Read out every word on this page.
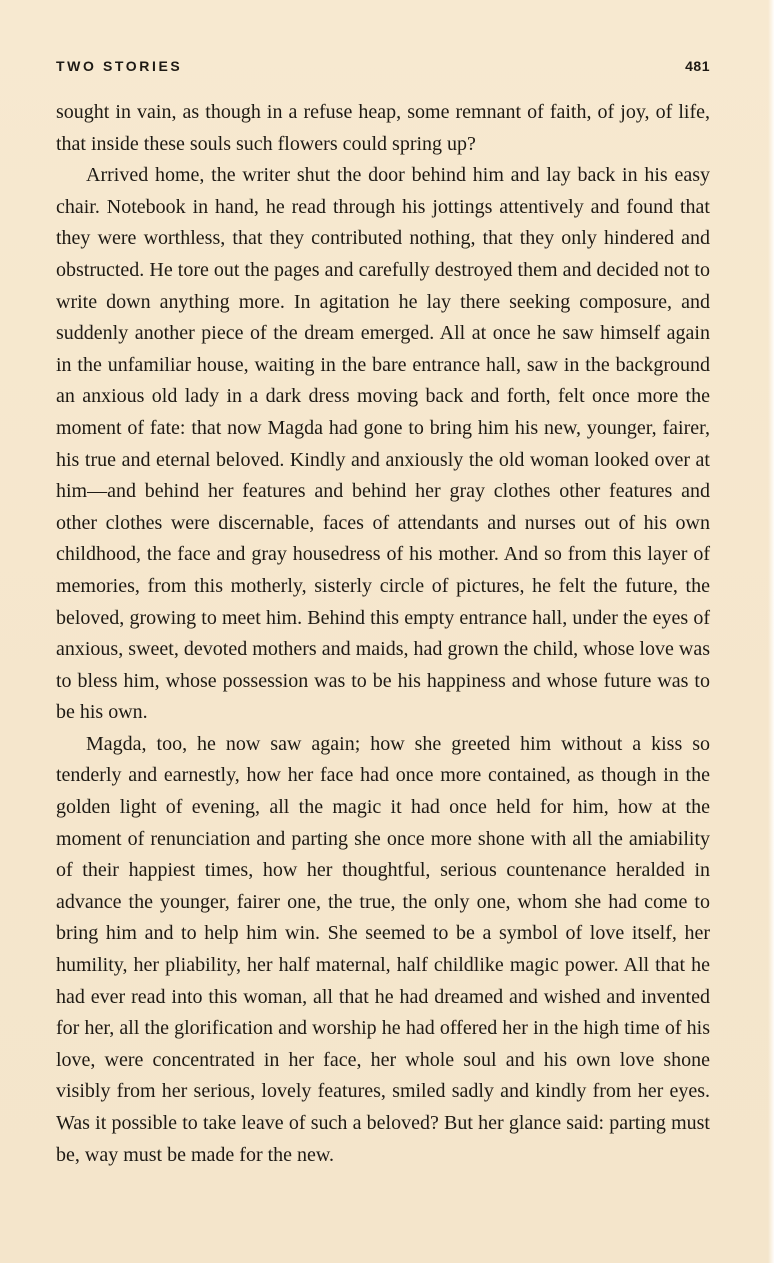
TWO STORIES	481

sought in vain, as though in a refuse heap, some remnant of faith, of joy, of life, that inside these souls such flowers could spring up?

Arrived home, the writer shut the door behind him and lay back in his easy chair. Notebook in hand, he read through his jottings attentively and found that they were worthless, that they contributed nothing, that they only hindered and obstructed. He tore out the pages and carefully destroyed them and decided not to write down anything more. In agitation he lay there seeking composure, and suddenly another piece of the dream emerged. All at once he saw himself again in the unfamiliar house, waiting in the bare entrance hall, saw in the background an anxious old lady in a dark dress moving back and forth, felt once more the moment of fate: that now Magda had gone to bring him his new, younger, fairer, his true and eternal beloved. Kindly and anxiously the old woman looked over at him—and behind her features and behind her gray clothes other features and other clothes were discernable, faces of attendants and nurses out of his own childhood, the face and gray housedress of his mother. And so from this layer of memories, from this motherly, sisterly circle of pictures, he felt the future, the beloved, growing to meet him. Behind this empty entrance hall, under the eyes of anxious, sweet, devoted mothers and maids, had grown the child, whose love was to bless him, whose possession was to be his happiness and whose future was to be his own.

Magda, too, he now saw again; how she greeted him without a kiss so tenderly and earnestly, how her face had once more contained, as though in the golden light of evening, all the magic it had once held for him, how at the moment of renunciation and parting she once more shone with all the amiability of their happiest times, how her thoughtful, serious countenance heralded in advance the younger, fairer one, the true, the only one, whom she had come to bring him and to help him win. She seemed to be a symbol of love itself, her humility, her pliability, her half maternal, half childlike magic power. All that he had ever read into this woman, all that he had dreamed and wished and invented for her, all the glorification and worship he had offered her in the high time of his love, were concentrated in her face, her whole soul and his own love shone visibly from her serious, lovely features, smiled sadly and kindly from her eyes. Was it possible to take leave of such a beloved? But her glance said: parting must be, way must be made for the new.
